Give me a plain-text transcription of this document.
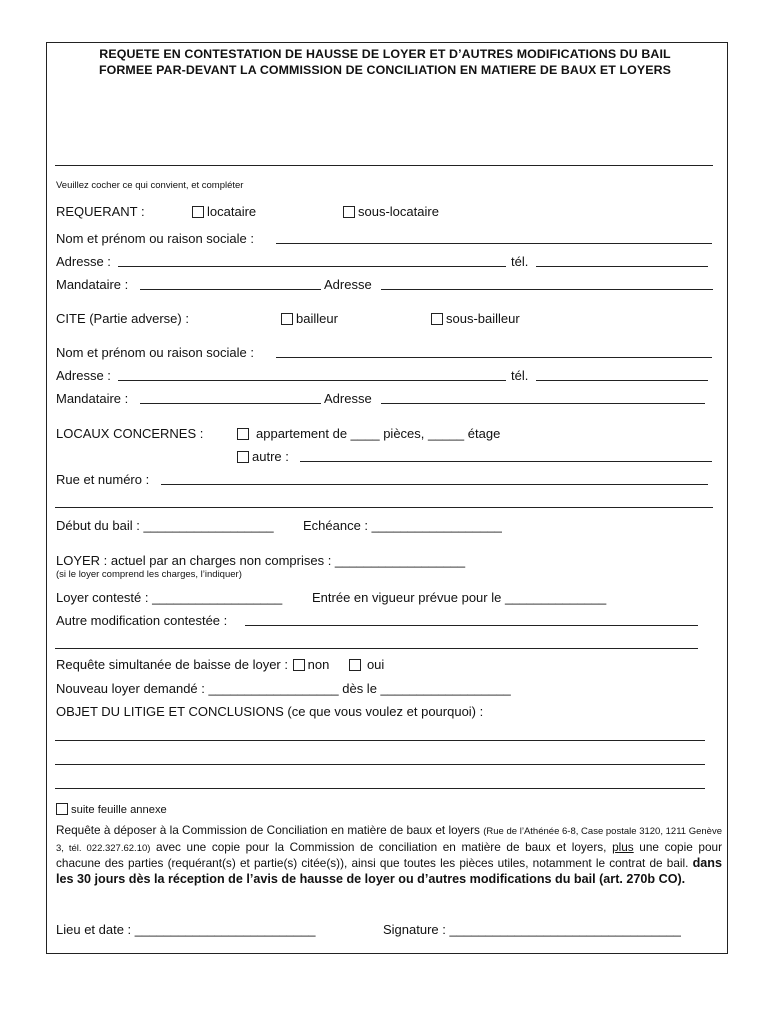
REQUETE EN CONTESTATION DE HAUSSE DE LOYER ET D’AUTRES MODIFICATIONS DU BAIL
FORMEE PAR-DEVANT LA COMMISSION DE CONCILIATION EN MATIERE DE BAUX ET LOYERS
Veuillez cocher ce qui convient, et compléter
REQUERANT :	locataire	sous-locataire
Nom et prénom ou raison sociale :
Adresse :	tél.
Mandataire :	Adresse
CITE (Partie adverse) :	bailleur	sous-bailleur
Nom et prénom ou raison sociale :
Adresse :	tél.
Mandataire :	Adresse
LOCAUX CONCERNES :	appartement de ____ pièces, _____ étage
autre :
Rue et numéro :
Début du bail : __________________ Echéance : __________________
LOYER : actuel par an charges non comprises : __________________
(si le loyer comprend les charges, l’indiquer)
Loyer contesté : __________________ Entrée en vigueur prévue pour le ______________
Autre modification contestée :
Requête simultanée de baisse de loyer : non	oui
Nouveau loyer demandé : __________________ dès le __________________
OBJET DU LITIGE ET CONCLUSIONS (ce que vous voulez et pourquoi) :
suite feuille annexe
Requête à déposer à la Commission de Conciliation en matière de baux et loyers (Rue de l’Athénée 6-8, Case postale 3120, 1211 Genève 3, tél. 022.327.62.10) avec une copie pour la Commission de conciliation en matière de baux et loyers, plus une copie pour chacune des parties (requérant(s) et partie(s) citée(s)), ainsi que toutes les pièces utiles, notamment le contrat de bail. dans les 30 jours dès la réception de l’avis de hausse de loyer ou d’autres modifications du bail (art. 270b CO).
Lieu et date : _________________________	Signature : ________________________________
